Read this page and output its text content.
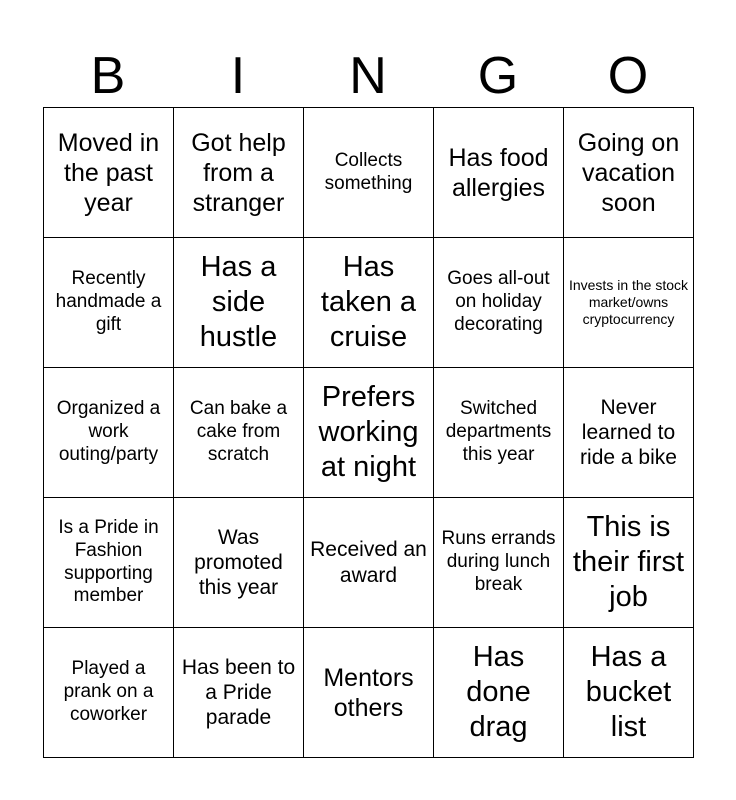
B	I	N	G	O
Moved in the past year	Got help from a stranger	Collects something	Has food allergies	Going on vacation soon
Recently handmade a gift	Has a side hustle	Has taken a cruise	Goes all-out on holiday decorating	Invests in the stock market/owns cryptocurrency
Organized a work outing/party	Can bake a cake from scratch	Prefers working at night	Switched departments this year	Never learned to ride a bike
Is a Pride in Fashion supporting member	Was promoted this year	Received an award	Runs errands during lunch break	This is their first job
Played a prank on a coworker	Has been to a Pride parade	Mentors others	Has done drag	Has a bucket list
